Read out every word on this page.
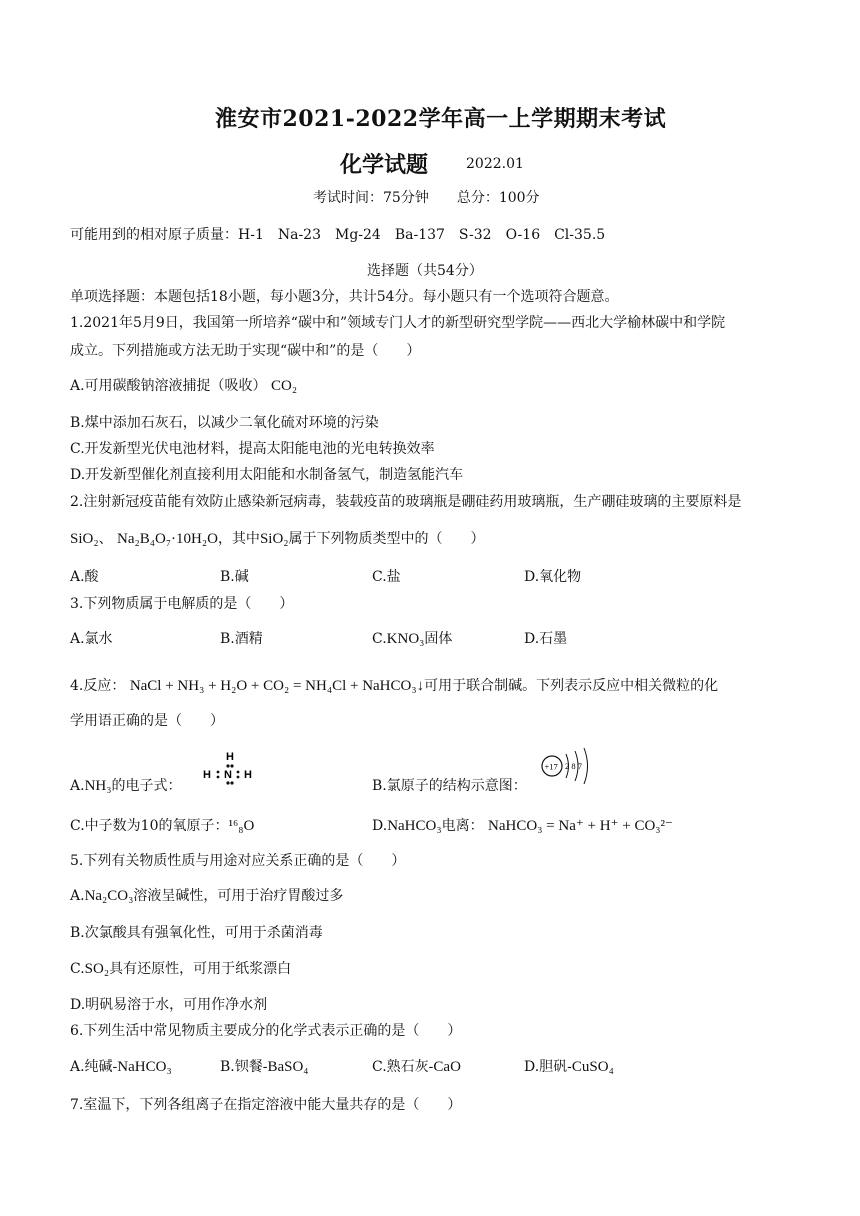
淮安市2021-2022学年高一上学期期末考试
化学试题	2022.01
考试时间：75分钟　　总分：100分
可能用到的相对原子质量：H-1　Na-23　Mg-24　Ba-137　S-32　O-16　Cl-35.5
选择题（共54分）
单项选择题：本题包括18小题，每小题3分，共计54分。每小题只有一个选项符合题意。
1.2021年5月9日，我国第一所培养“碳中和”领域专门人才的新型研究型学院——西北大学榆林碳中和学院
成立。下列措施或方法无助于实现“碳中和”的是（　　）
A.可用碳酸钠溶液捕捉（吸收） CO₂
B.煤中添加石灰石，以减少二氧化硫对环境的污染
C.开发新型光伏电池材料，提高太阳能电池的光电转换效率
D.开发新型催化剂直接利用太阳能和水制备氢气，制造氢能汽车
2.注射新冠疫苗能有效防止感染新冠病毒，装载疫苗的玻璃瓶是硼硅药用玻璃瓶，生产硼硅玻璃的主要原料是
SiO₂、 Na₂B₄O₇·10H₂O，其中SiO₂属于下列物质类型中的（　　）
A.酸	B.碱	C.盐	D.氧化物
3.下列物质属于电解质的是（　　）
A.氯水	B.酒精	C.KNO₃固体	D.石墨
4.反应： NaCl + NH₃ + H₂O + CO₂ = NH₄Cl + NaHCO₃↓可用于联合制碱。下列表示反应中相关微粒的化
学用语正确的是（　　）
A.NH₃的电子式：
H
H N H
B.氯原子的结构示意图：
+17 2 8 7
C.中子数为10的氧原子：¹⁶₈O	D.NaHCO₃电离： NaHCO₃ = Na⁺ + H⁺ + CO₃²⁻
5.下列有关物质性质与用途对应关系正确的是（　　）
A.Na₂CO₃溶液呈碱性，可用于治疗胃酸过多
B.次氯酸具有强氧化性，可用于杀菌消毒
C.SO₂具有还原性，可用于纸浆漂白
D.明矾易溶于水，可用作净水剂
6.下列生活中常见物质主要成分的化学式表示正确的是（　　）
A.纯碱-NaHCO₃	B.钡餐-BaSO₄	C.熟石灰-CaO	D.胆矾-CuSO₄
7.室温下，下列各组离子在指定溶液中能大量共存的是（　　）
